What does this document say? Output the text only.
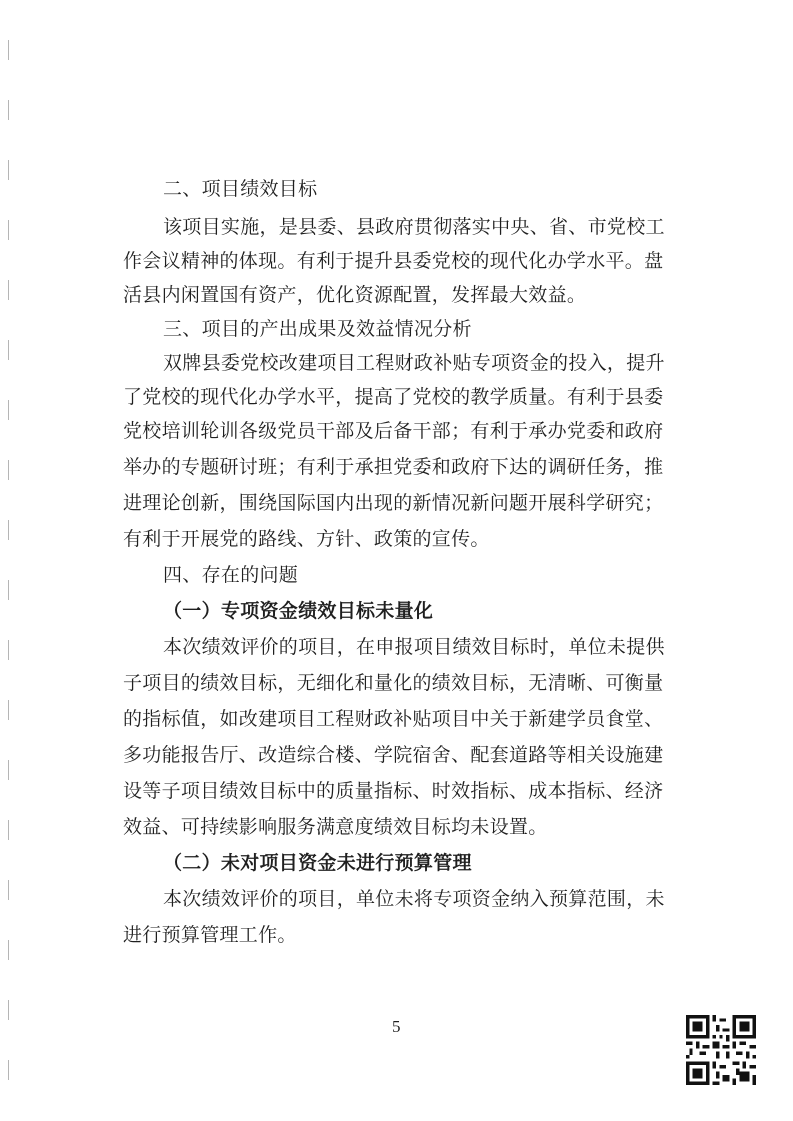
二、项目绩效目标
该项目实施，是县委、县政府贯彻落实中央、省、市党校工
作会议精神的体现。有利于提升县委党校的现代化办学水平。盘
活县内闲置国有资产，优化资源配置，发挥最大效益。
三、项目的产出成果及效益情况分析
双牌县委党校改建项目工程财政补贴专项资金的投入，提升
了党校的现代化办学水平，提高了党校的教学质量。有利于县委
党校培训轮训各级党员干部及后备干部；有利于承办党委和政府
举办的专题研讨班；有利于承担党委和政府下达的调研任务，推
进理论创新，围绕国际国内出现的新情况新问题开展科学研究；
有利于开展党的路线、方针、政策的宣传。
四、存在的问题
（一）专项资金绩效目标未量化
本次绩效评价的项目，在申报项目绩效目标时，单位未提供
子项目的绩效目标，无细化和量化的绩效目标，无清晰、可衡量
的指标值，如改建项目工程财政补贴项目中关于新建学员食堂、
多功能报告厅、改造综合楼、学院宿舍、配套道路等相关设施建
设等子项目绩效目标中的质量指标、时效指标、成本指标、经济
效益、可持续影响服务满意度绩效目标均未设置。
（二）未对项目资金未进行预算管理
本次绩效评价的项目，单位未将专项资金纳入预算范围，未
进行预算管理工作。
5
